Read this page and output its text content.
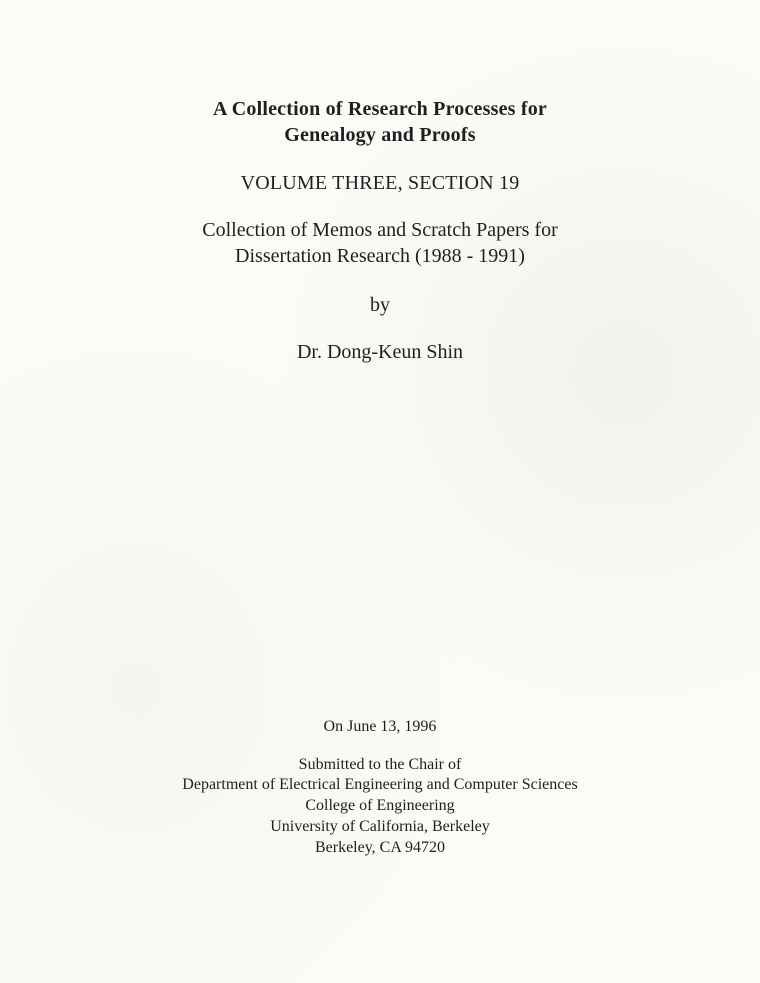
A Collection of Research Processes for
Genealogy and Proofs
VOLUME THREE, SECTION 19
Collection of Memos and Scratch Papers for
Dissertation Research (1988 - 1991)
by
Dr. Dong-Keun Shin
On June 13, 1996
Submitted to the Chair of
Department of Electrical Engineering and Computer Sciences
College of Engineering
University of California, Berkeley
Berkeley, CA 94720
